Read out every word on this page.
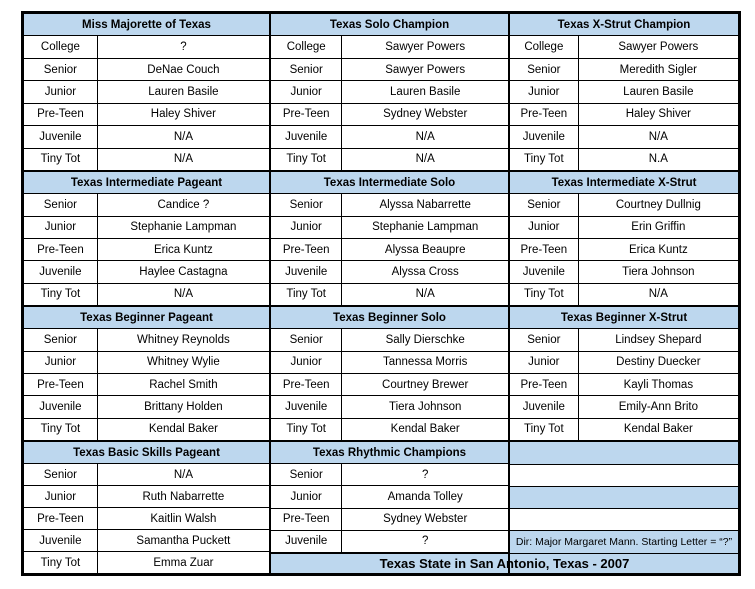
Miss Majorette of Texas	
College	?
Senior	DeNae Couch
Junior	Lauren Basile
Pre-Teen	Haley Shiver
Juvenile	N/A
Tiny Tot	N/A
Texas Intermediate Pageant	
Senior	Candice ?
Junior	Stephanie Lampman
Pre-Teen	Erica Kuntz
Juvenile	Haylee Castagna
Tiny Tot	N/A
Texas Beginner Pageant	
Senior	Whitney Reynolds
Junior	Whitney Wylie
Pre-Teen	Rachel Smith
Juvenile	Brittany Holden
Tiny Tot	Kendal Baker
Texas Basic Skills Pageant	
Senior	N/A
Junior	Ruth Nabarrette
Pre-Teen	Kaitlin Walsh
Juvenile	Samantha Puckett
Tiny Tot	Emma Zuar
Texas Solo Champion	
College	Sawyer Powers
Senior	Sawyer Powers
Junior	Lauren Basile
Pre-Teen	Sydney Webster
Juvenile	N/A
Tiny Tot	N/A
Texas Intermediate Solo	
Senior	Alyssa Nabarrette
Junior	Stephanie Lampman
Pre-Teen	Alyssa Beaupre
Juvenile	Alyssa Cross
Tiny Tot	N/A
Texas Beginner Solo	
Senior	Sally Dierschke
Junior	Tannessa Morris
Pre-Teen	Courtney Brewer
Juvenile	Tiera Johnson
Tiny Tot	Kendal Baker
Texas Rhythmic Champions	
Senior	?
Junior	Amanda Tolley
Pre-Teen	Sydney Webster
Juvenile	?
Texas X-Strut Champion	
College	Sawyer Powers
Senior	Meredith Sigler
Junior	Lauren Basile
Pre-Teen	Haley Shiver
Juvenile	N/A
Tiny Tot	N.A
Texas Intermediate X-Strut	
Senior	Courtney Dullnig
Junior	Erin Griffin
Pre-Teen	Erica Kuntz
Juvenile	Tiera Johnson
Tiny Tot	N/A
Texas Beginner X-Strut	
Senior	Lindsey Shepard
Junior	Destiny Duecker
Pre-Teen	Kayli Thomas
Juvenile	Emily-Ann Brito
Tiny Tot	Kendal Baker

Dir: Major Margaret Mann. Starting Letter = “?”
Texas State in San Antonio, Texas - 2007
